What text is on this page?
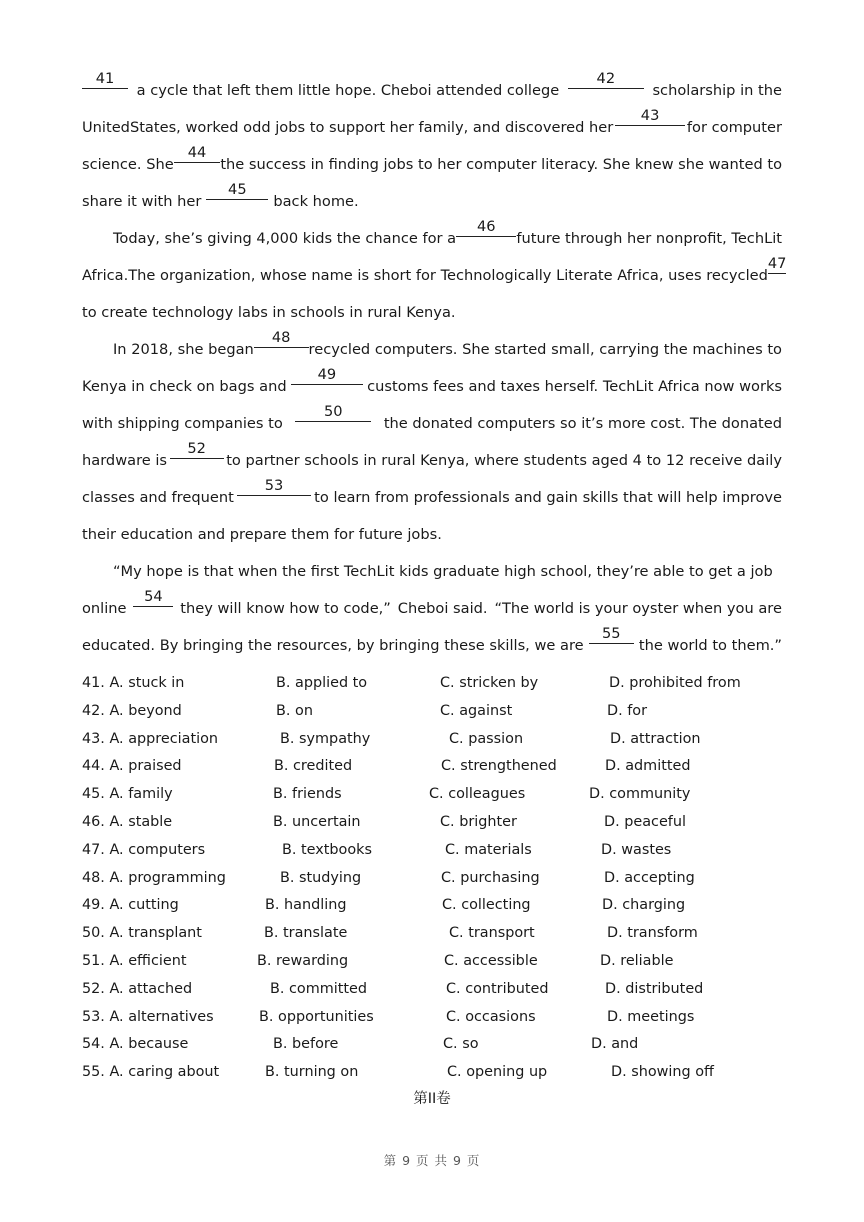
41
a cycle that left them little hope. Cheboi attended college
42
scholarship in the
UnitedStates, worked odd jobs to support her family, and discovered her
43
for computer
science. She
44
the success in finding jobs to her computer literacy. She knew she wanted to
share it with her
45
back home.
Today, she’s giving 4,000 kids the chance for a
46
future through her nonprofit, TechLit
Africa.The organization, whose name is short for Technologically Literate Africa, uses recycled
47
to create technology labs in schools in rural Kenya.
In 2018, she began
48
recycled computers. She started small, carrying the machines to
Kenya in check on bags and
49
customs fees and taxes herself. TechLit Africa now works
with shipping companies to
50
the donated computers so it’s more cost. The donated
hardware is
52
to partner schools in rural Kenya, where students aged 4 to 12 receive daily
classes and frequent
53
to learn from professionals and gain skills that will help improve
their education and prepare them for future jobs.
“My hope is that when the first TechLit kids graduate high school, they’re able to get a job
online
54
they will know how to code,” Cheboi said. “The world is your oyster when you are
educated. By bringing the resources, by bringing these skills, we are
55
the world to them.”
41. A. stuck in	B. applied to	C. stricken by	D. prohibited from
42. A. beyond	B. on	C. against	D. for
43. A. appreciation	B. sympathy	C. passion	D. attraction
44. A. praised	B. credited	C. strengthened	D. admitted
45. A. family	B. friends	C. colleagues	D. community
46. A. stable	B. uncertain	C. brighter	D. peaceful
47. A. computers	B. textbooks	C. materials	D. wastes
48. A. programming	B. studying	C. purchasing	D. accepting
49. A. cutting	B. handling	C. collecting	D. charging
50. A. transplant	B. translate	C. transport	D. transform
51. A. efficient	B. rewarding	C. accessible	D. reliable
52. A. attached	B. committed	C. contributed	D. distributed
53. A. alternatives	B. opportunities	C. occasions	D. meetings
54. A. because	B. before	C. so	D. and
55. A. caring about	B. turning on	C. opening up	D. showing off
第II卷
第 9 页 共 9 页
